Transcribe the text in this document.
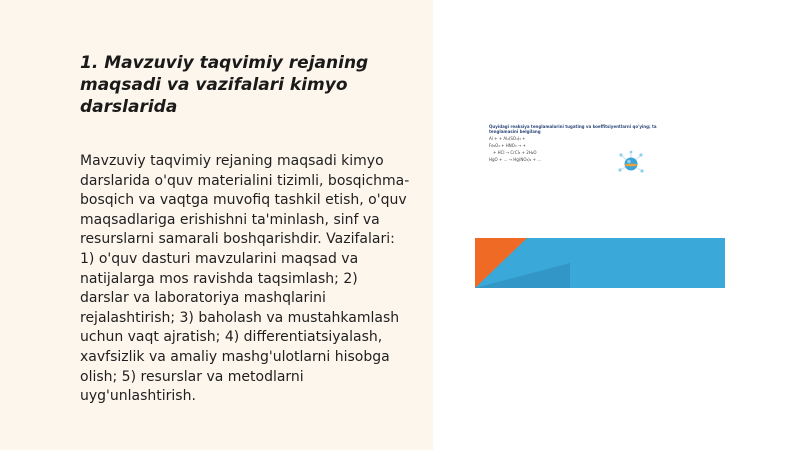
1. Mavzuviy taqvimiy rejaning maqsadi va vazifalari kimyo darslarida

Mavzuviy taqvimiy rejaning maqsadi kimyo darslarida o'quv materialini tizimli, bosqichma-bosqich va vaqtga muvofiq tashkil etish, o'quv maqsadlariga erishishni ta'minlash, sinf va resurslarni samarali boshqarishdir. Vazifalari: 1) o'quv dasturi mavzularini maqsad va natijalarga mos ravishda taqsimlash; 2) darslar va laboratoriya mashqlarini rejalashtirish; 3) baholash va mustahkamlash uchun vaqt ajratish; 4) differentiatsiyalash, xavfsizlik va amaliy mashg'ulotlarni hisobga olish; 5) resurslar va metodlarni uyg'unlashtirish.

Quyidagi reaksiya tenglamalarini tugating va koeffitsiyentlarni qo'ying; ta
tenglamasini belgilang
Al + + Al₂(SO₄)₃ +
Fe₂O₃ + HNO₃ → +
+ HCl → CrCl₃ + 2H₂O
HgO + ... → Hg(NO₃)₂ + ...
